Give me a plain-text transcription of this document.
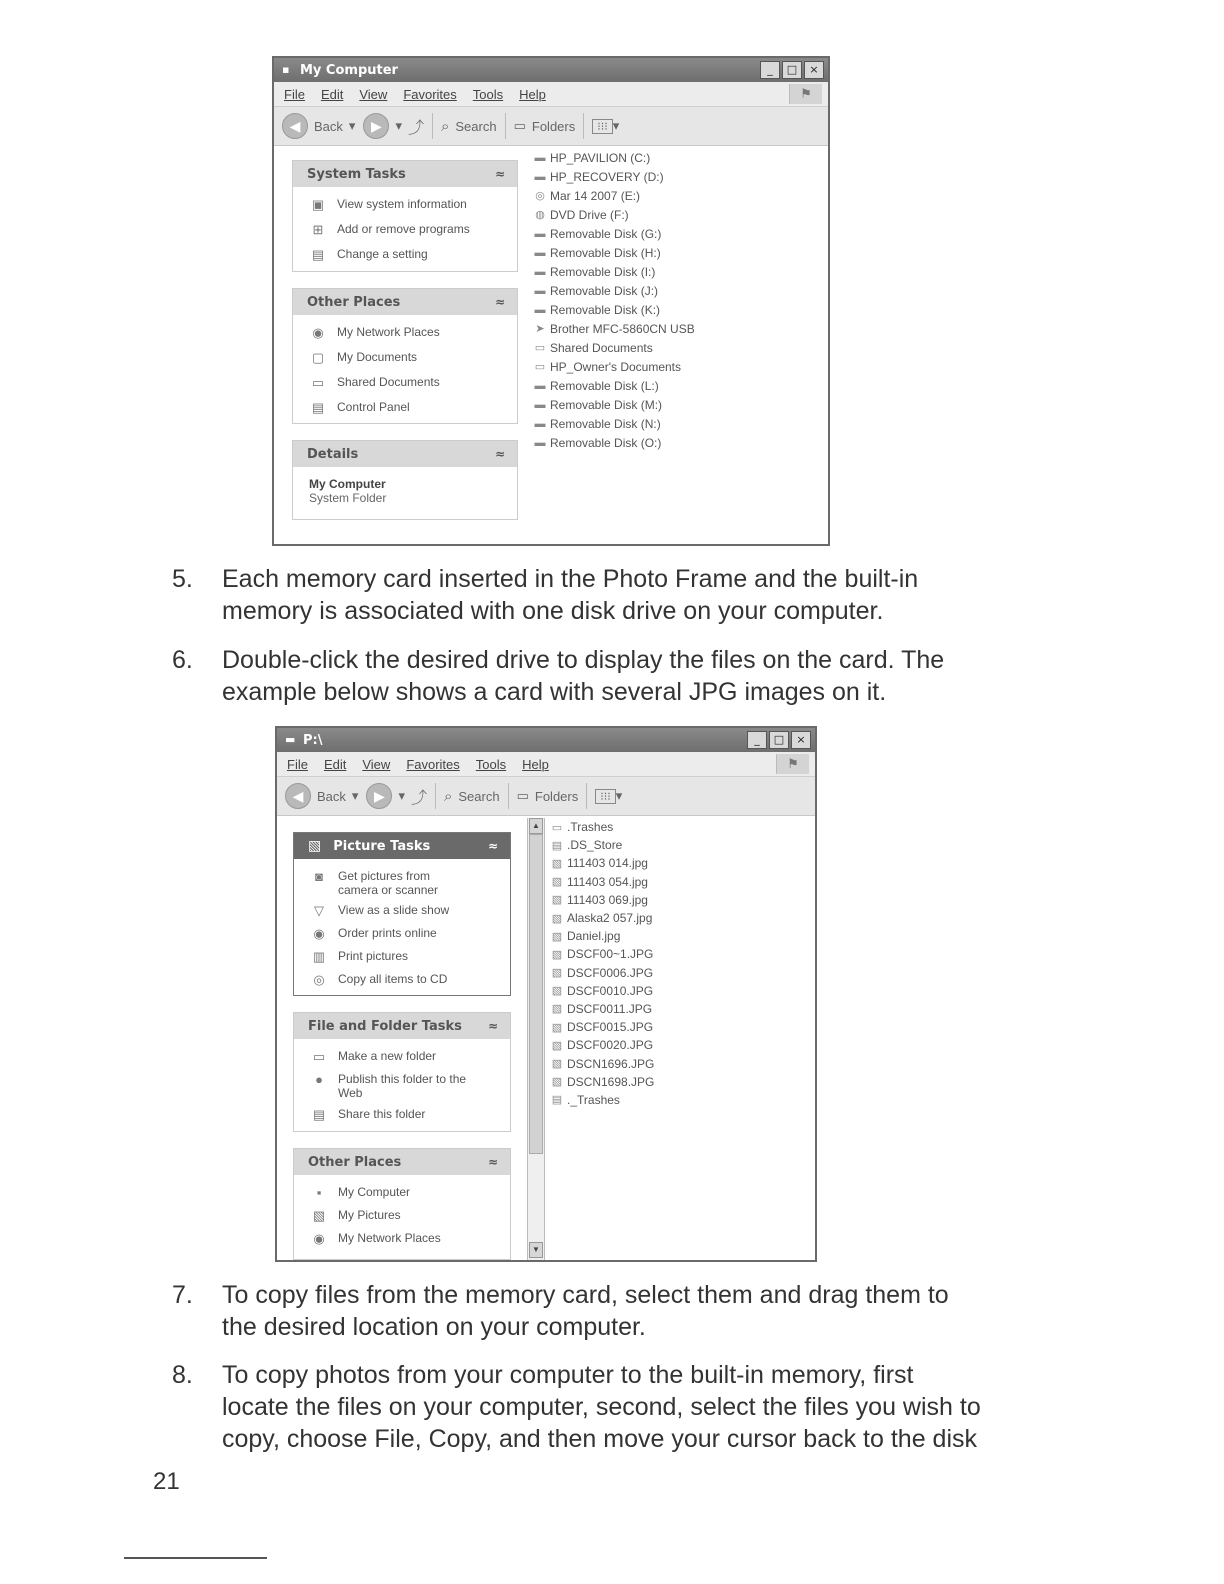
▪ My Computer	_	□	×
File Edit View Favorites Tools Help	⚑
◀	Back ▾	▶	▾ ⤴ ⌕ Search ▭ Folders	⁝⁝⁝ ▾
System Tasks	≈
▣ View system information
⊞ Add or remove programs
▤ Change a setting
Other Places	≈
◉ My Network Places
▢ My Documents
▭ Shared Documents
▤ Control Panel
Details	≈
My Computer
System Folder
▬ HP_PAVILION (C:)
▬ HP_RECOVERY (D:)
◎ Mar 14 2007 (E:)
◍ DVD Drive (F:)
▬ Removable Disk (G:)
▬ Removable Disk (H:)
▬ Removable Disk (I:)
▬ Removable Disk (J:)
▬ Removable Disk (K:)
➤ Brother MFC-5860CN USB
▭ Shared Documents
▭ HP_Owner's Documents
▬ Removable Disk (L:)
▬ Removable Disk (M:)
▬ Removable Disk (N:)
▬ Removable Disk (O:)
5. Each memory card inserted in the Photo Frame and the built-in
memory is associated with one disk drive on your computer.
6. Double-click the desired drive to display the files on the card. The
example below shows a card with several JPG images on it.
▬ P:\	_	□	×
File Edit View Favorites Tools Help	⚑
◀	Back ▾	▶	▾ ⤴ ⌕ Search ▭ Folders	⁝⁝⁝ ▾
▧ Picture Tasks	≈
◙	Get pictures from camera or scanner
▽	View as a slide show
◉ Order prints online
▥ Print pictures
◎ Copy all items to CD
File and Folder Tasks ≈
▭ Make a new folder
●	Publish this folder to the Web
▤ Share this folder
Other Places	≈
▪	My Computer
▧ My Pictures
◉ My Network Places
▲
▼
▭ .Trashes
▤ .DS_Store
▧ 111403 014.jpg
▧ 111403 054.jpg
▧ 111403 069.jpg
▧ Alaska2 057.jpg
▧ Daniel.jpg
▧ DSCF00~1.JPG
▧ DSCF0006.JPG
▧ DSCF0010.JPG
▧ DSCF0011.JPG
▧ DSCF0015.JPG
▧ DSCF0020.JPG
▧ DSCN1696.JPG
▧ DSCN1698.JPG
▤ ._Trashes
7. To copy files from the memory card, select them and drag them to
the desired location on your computer.
8. To copy photos from your computer to the built-in memory, first
locate the files on your computer, second, select the files you wish to
copy, choose File, Copy, and then move your cursor back to the disk
21
